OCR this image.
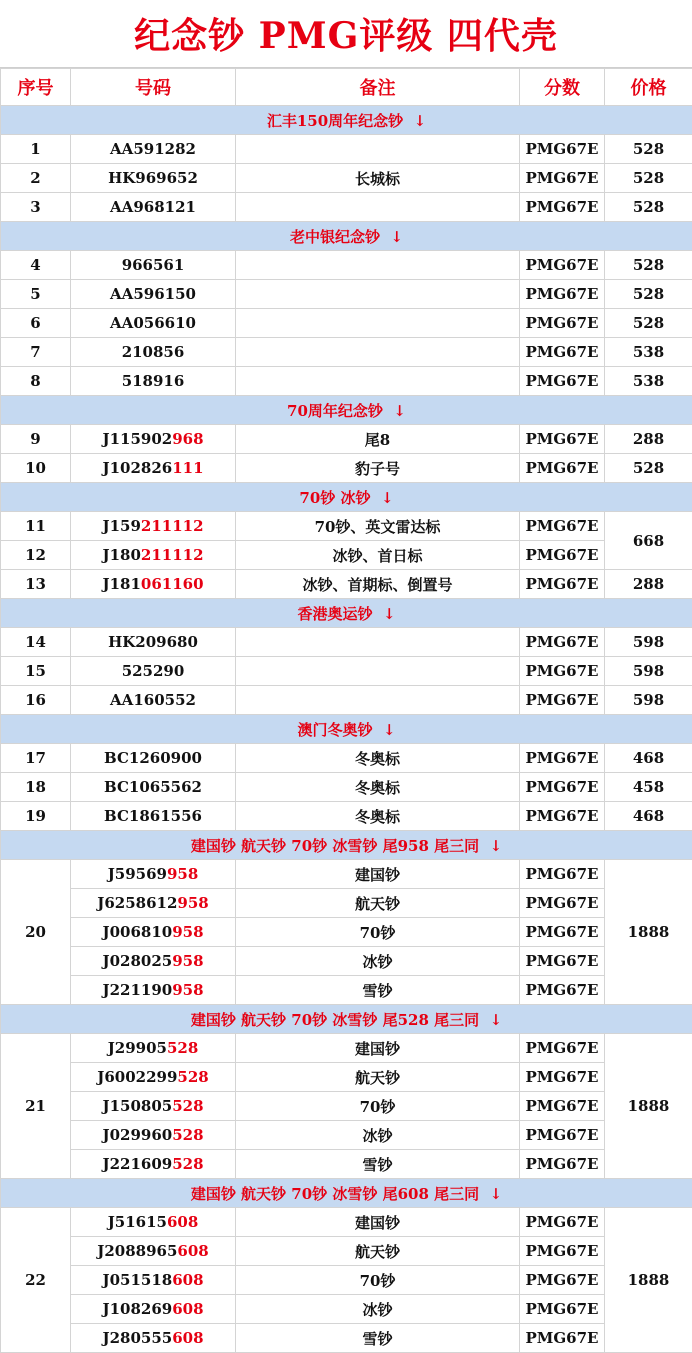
纪念钞 PMG评级 四代壳
序号	号码	备注	分数	价格
汇丰150周年纪念钞 ↓				
1	AA591282		PMG67E	528
2	HK969652	长城标	PMG67E	528
3	AA968121		PMG67E	528
老中银纪念钞 ↓				
4	966561		PMG67E	528
5	AA596150		PMG67E	528
6	AA056610		PMG67E	528
7	210856		PMG67E	538
8	518916		PMG67E	538
70周年纪念钞 ↓				
9	J115902968	尾8	PMG67E	288
10	J102826111	豹子号	PMG67E	528
70钞 冰钞 ↓				
11	J159211112	70钞、英文雷达标	PMG67E	668
12	J180211112	冰钞、首日标	PMG67E	
13	J181061160	冰钞、首期标、倒置号	PMG67E	288
香港奥运钞 ↓				
14	HK209680		PMG67E	598
15	525290		PMG67E	598
16	AA160552		PMG67E	598
澳门冬奥钞 ↓				
17	BC1260900	冬奥标	PMG67E	468
18	BC1065562	冬奥标	PMG67E	458
19	BC1861556	冬奥标	PMG67E	468
建国钞 航天钞 70钞 冰雪钞 尾958 尾三同 ↓				
20	J59569958	建国钞	PMG67E	1888
	J6258612958	航天钞	PMG67E	
	J006810958	70钞	PMG67E	
	J028025958	冰钞	PMG67E	
	J221190958	雪钞	PMG67E	
建国钞 航天钞 70钞 冰雪钞 尾528 尾三同 ↓				
21	J29905528	建国钞	PMG67E	1888
	J6002299528	航天钞	PMG67E	
	J150805528	70钞	PMG67E	
	J029960528	冰钞	PMG67E	
	J221609528	雪钞	PMG67E	
建国钞 航天钞 70钞 冰雪钞 尾608 尾三同 ↓				
22	J51615608	建国钞	PMG67E	1888
	J2088965608	航天钞	PMG67E	
	J051518608	70钞	PMG67E	
	J108269608	冰钞	PMG67E	
	J280555608	雪钞	PMG67E	
